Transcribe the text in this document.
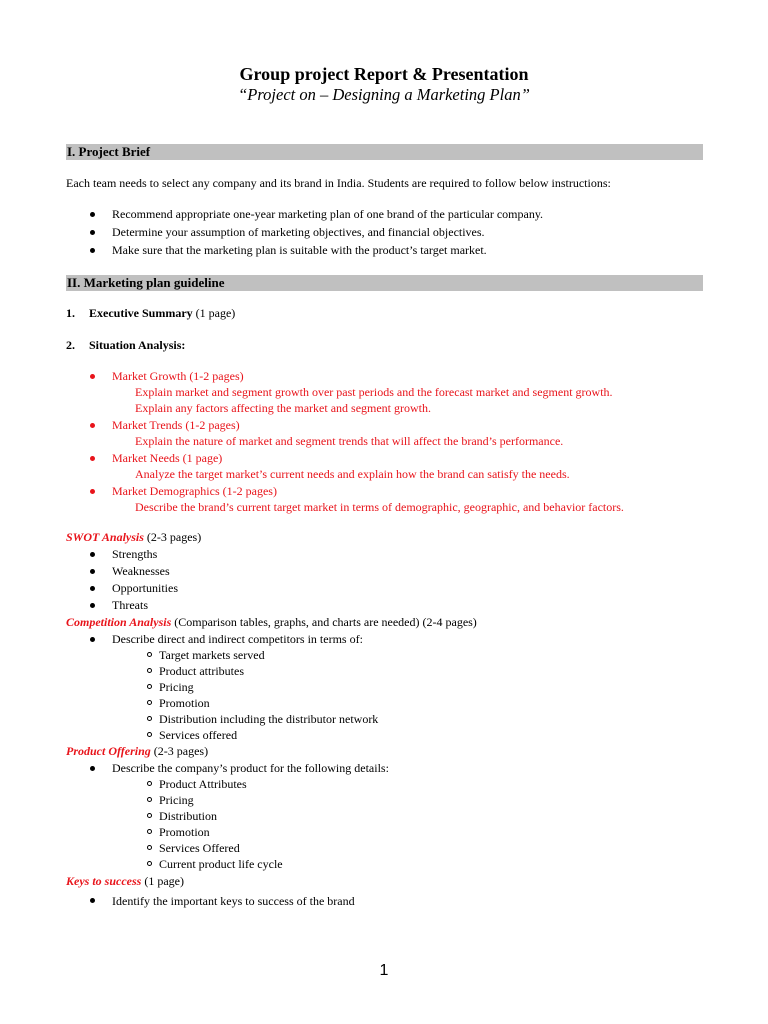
Group project Report & Presentation
“Project on – Designing a Marketing Plan”
I. Project Brief
Each team needs to select any company and its brand in India. Students are required to follow below instructions:
Recommend appropriate one-year marketing plan of one brand of the particular company.
Determine your assumption of marketing objectives, and financial objectives.
Make sure that the marketing plan is suitable with the product’s target market.
II. Marketing plan guideline
1. Executive Summary (1 page)
2. Situation Analysis:
Market Growth (1-2 pages)
Explain market and segment growth over past periods and the forecast market and segment growth.
Explain any factors affecting the market and segment growth.
Market Trends (1-2 pages)
Explain the nature of market and segment trends that will affect the brand’s performance.
Market Needs (1 page)
Analyze the target market’s current needs and explain how the brand can satisfy the needs.
Market Demographics (1-2 pages)
Describe the brand’s current target market in terms of demographic, geographic, and behavior factors.
SWOT Analysis (2-3 pages)
Strengths
Weaknesses
Opportunities
Threats
Competition Analysis (Comparison tables, graphs, and charts are needed) (2-4 pages)
Describe direct and indirect competitors in terms of:
Target markets served
Product attributes
Pricing
Promotion
Distribution including the distributor network
Services offered
Product Offering (2-3 pages)
Describe the company’s product for the following details:
Product Attributes
Pricing
Distribution
Promotion
Services Offered
Current product life cycle
Keys to success (1 page)
Identify the important keys to success of the brand
1
